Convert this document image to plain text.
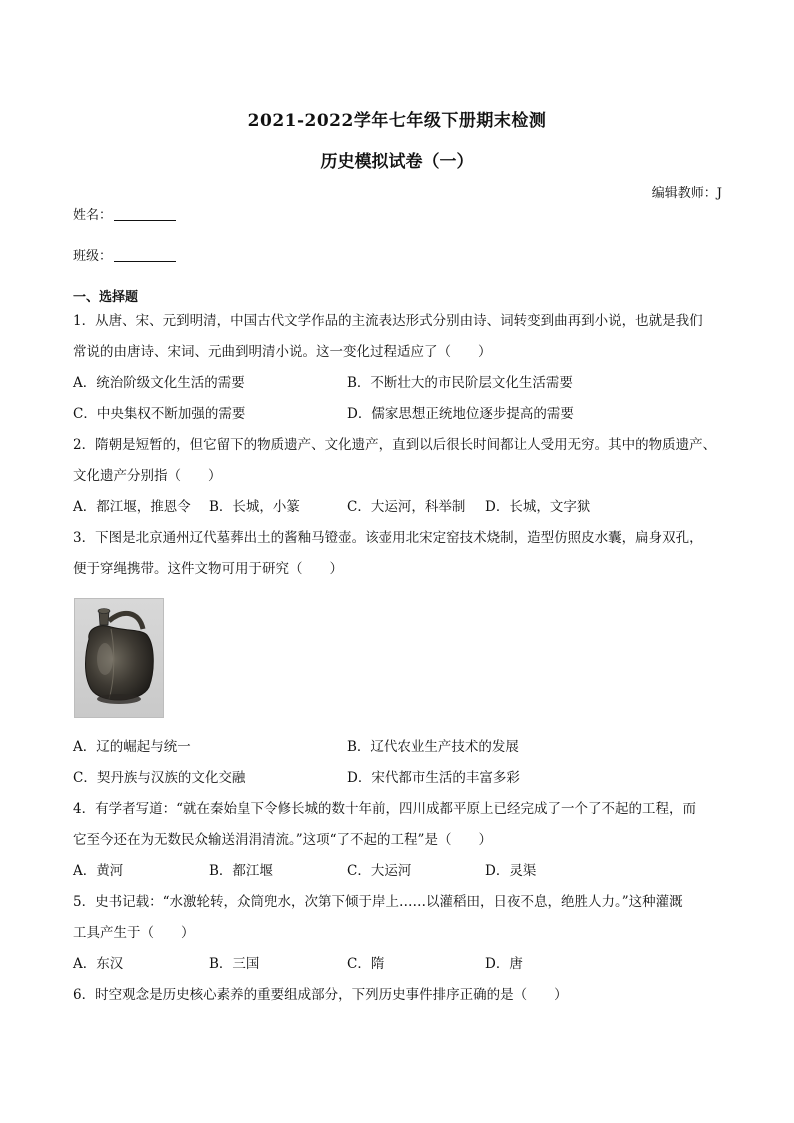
2021-2022学年七年级下册期末检测
历史模拟试卷（一）
编辑教师：J
姓名：
班级：
一、选择题
1．从唐、宋、元到明清，中国古代文学作品的主流表达形式分别由诗、词转变到曲再到小说，也就是我们
常说的由唐诗、宋词、元曲到明清小说。这一变化过程适应了（　　）
A．统治阶级文化生活的需要	B．不断壮大的市民阶层文化生活需要
C．中央集权不断加强的需要	D．儒家思想正统地位逐步提高的需要
2．隋朝是短暂的，但它留下的物质遗产、文化遗产，直到以后很长时间都让人受用无穷。其中的物质遗产、
文化遗产分别指（　　）
A．都江堰，推恩令 B．长城，小篆	C．大运河，科举制 D．长城，文字狱
3．下图是北京通州辽代墓葬出土的酱釉马镫壶。该壶用北宋定窑技术烧制，造型仿照皮水囊，扁身双孔，
便于穿绳携带。这件文物可用于研究（　　）
A．辽的崛起与统一	B．辽代农业生产技术的发展
C．契丹族与汉族的文化交融	D．宋代都市生活的丰富多彩
4．有学者写道：“就在秦始皇下令修长城的数十年前，四川成都平原上已经完成了一个了不起的工程，而
它至今还在为无数民众输送涓涓清流。”这项“了不起的工程”是（　　）
A．黄河	B．都江堰	C．大运河	D．灵渠
5．史书记载：“水激轮转，众筒兜水，次第下倾于岸上……以灌稻田，日夜不息，绝胜人力。”这种灌溉
工具产生于（　　）
A．东汉	B．三国	C．隋	D．唐
6．时空观念是历史核心素养的重要组成部分，下列历史事件排序正确的是（　　）
